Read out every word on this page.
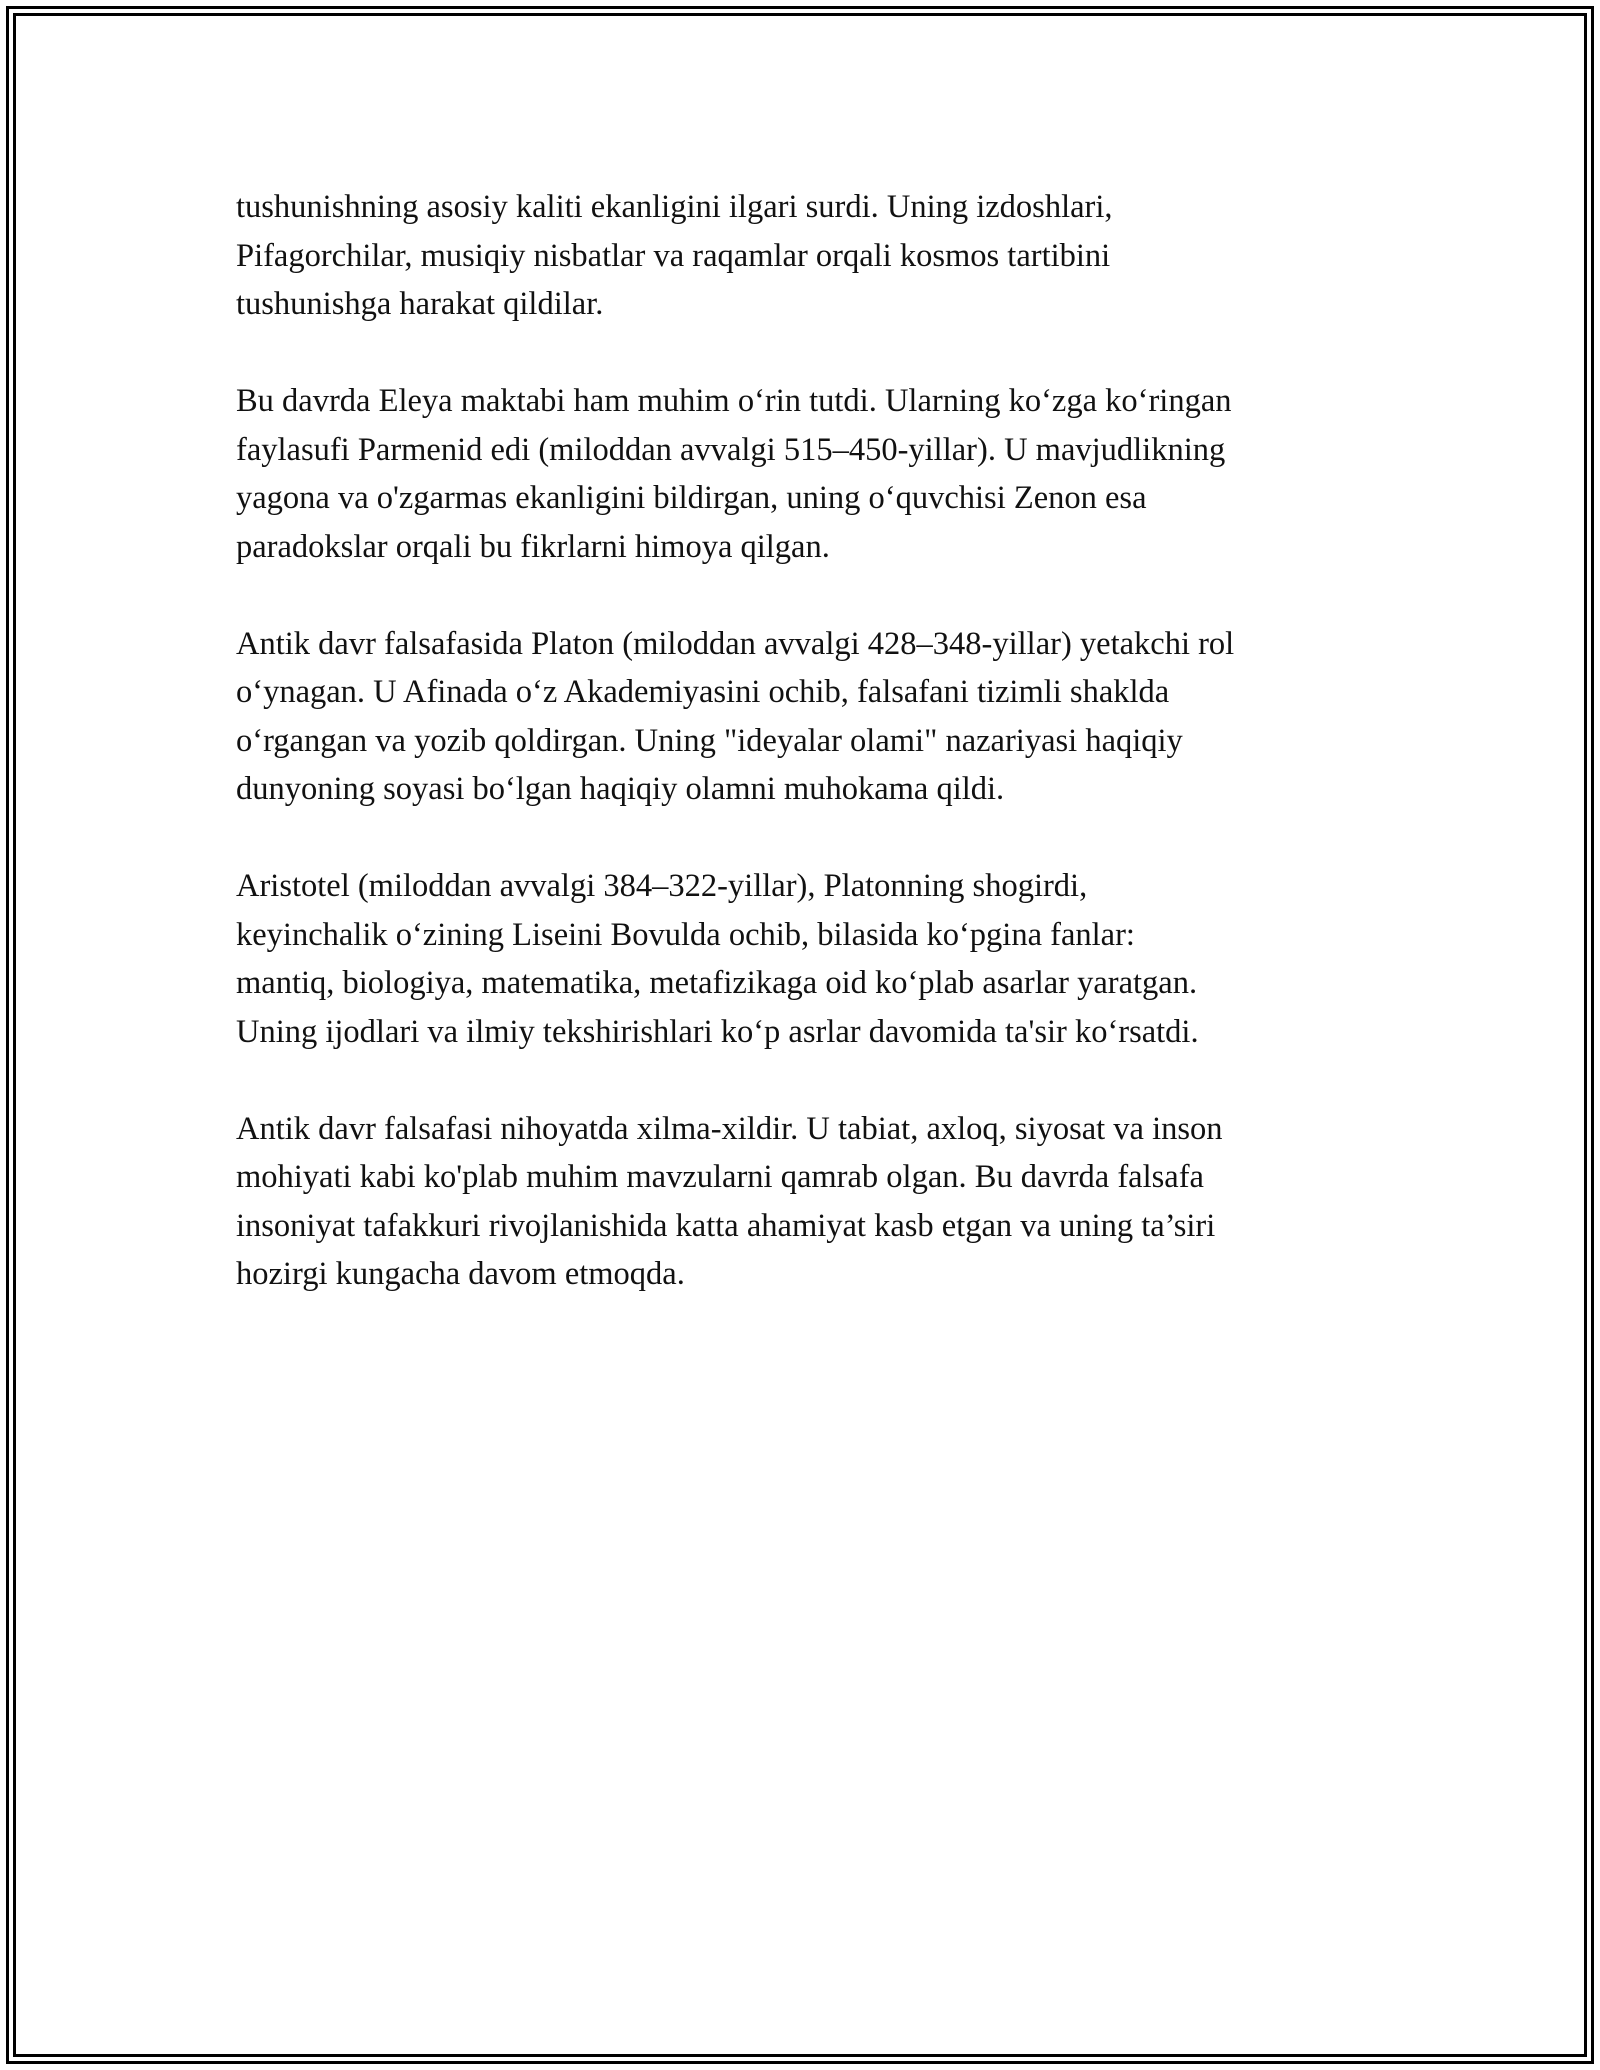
tushunishning asosiy kaliti ekanligini ilgari surdi. Uning izdoshlari,
Pifagorchilar, musiqiy nisbatlar va raqamlar orqali kosmos tartibini
tushunishga harakat qildilar.

Bu davrda Eleya maktabi ham muhim oʻrin tutdi. Ularning koʻzga koʻringan
faylasufi Parmenid edi (miloddan avvalgi 515–450-yillar). U mavjudlikning
yagona va o'zgarmas ekanligini bildirgan, uning oʻquvchisi Zenon esa
paradokslar orqali bu fikrlarni himoya qilgan.

Antik davr falsafasida Platon (miloddan avvalgi 428–348-yillar) yetakchi rol
oʻynagan. U Afinada oʻz Akademiyasini ochib, falsafani tizimli shaklda
oʻrgangan va yozib qoldirgan. Uning "ideyalar olami" nazariyasi haqiqiy
dunyoning soyasi boʻlgan haqiqiy olamni muhokama qildi.

Aristotel (miloddan avvalgi 384–322-yillar), Platonning shogirdi,
keyinchalik oʻzining Liseini Bovulda ochib, bilasida koʻpgina fanlar:
mantiq, biologiya, matematika, metafizikaga oid koʻplab asarlar yaratgan.
Uning ijodlari va ilmiy tekshirishlari koʻp asrlar davomida ta'sir koʻrsatdi.

Antik davr falsafasi nihoyatda xilma-xildir. U tabiat, axloq, siyosat va inson
mohiyati kabi ko'plab muhim mavzularni qamrab olgan. Bu davrda falsafa
insoniyat tafakkuri rivojlanishida katta ahamiyat kasb etgan va uning ta’siri
hozirgi kungacha davom etmoqda.
